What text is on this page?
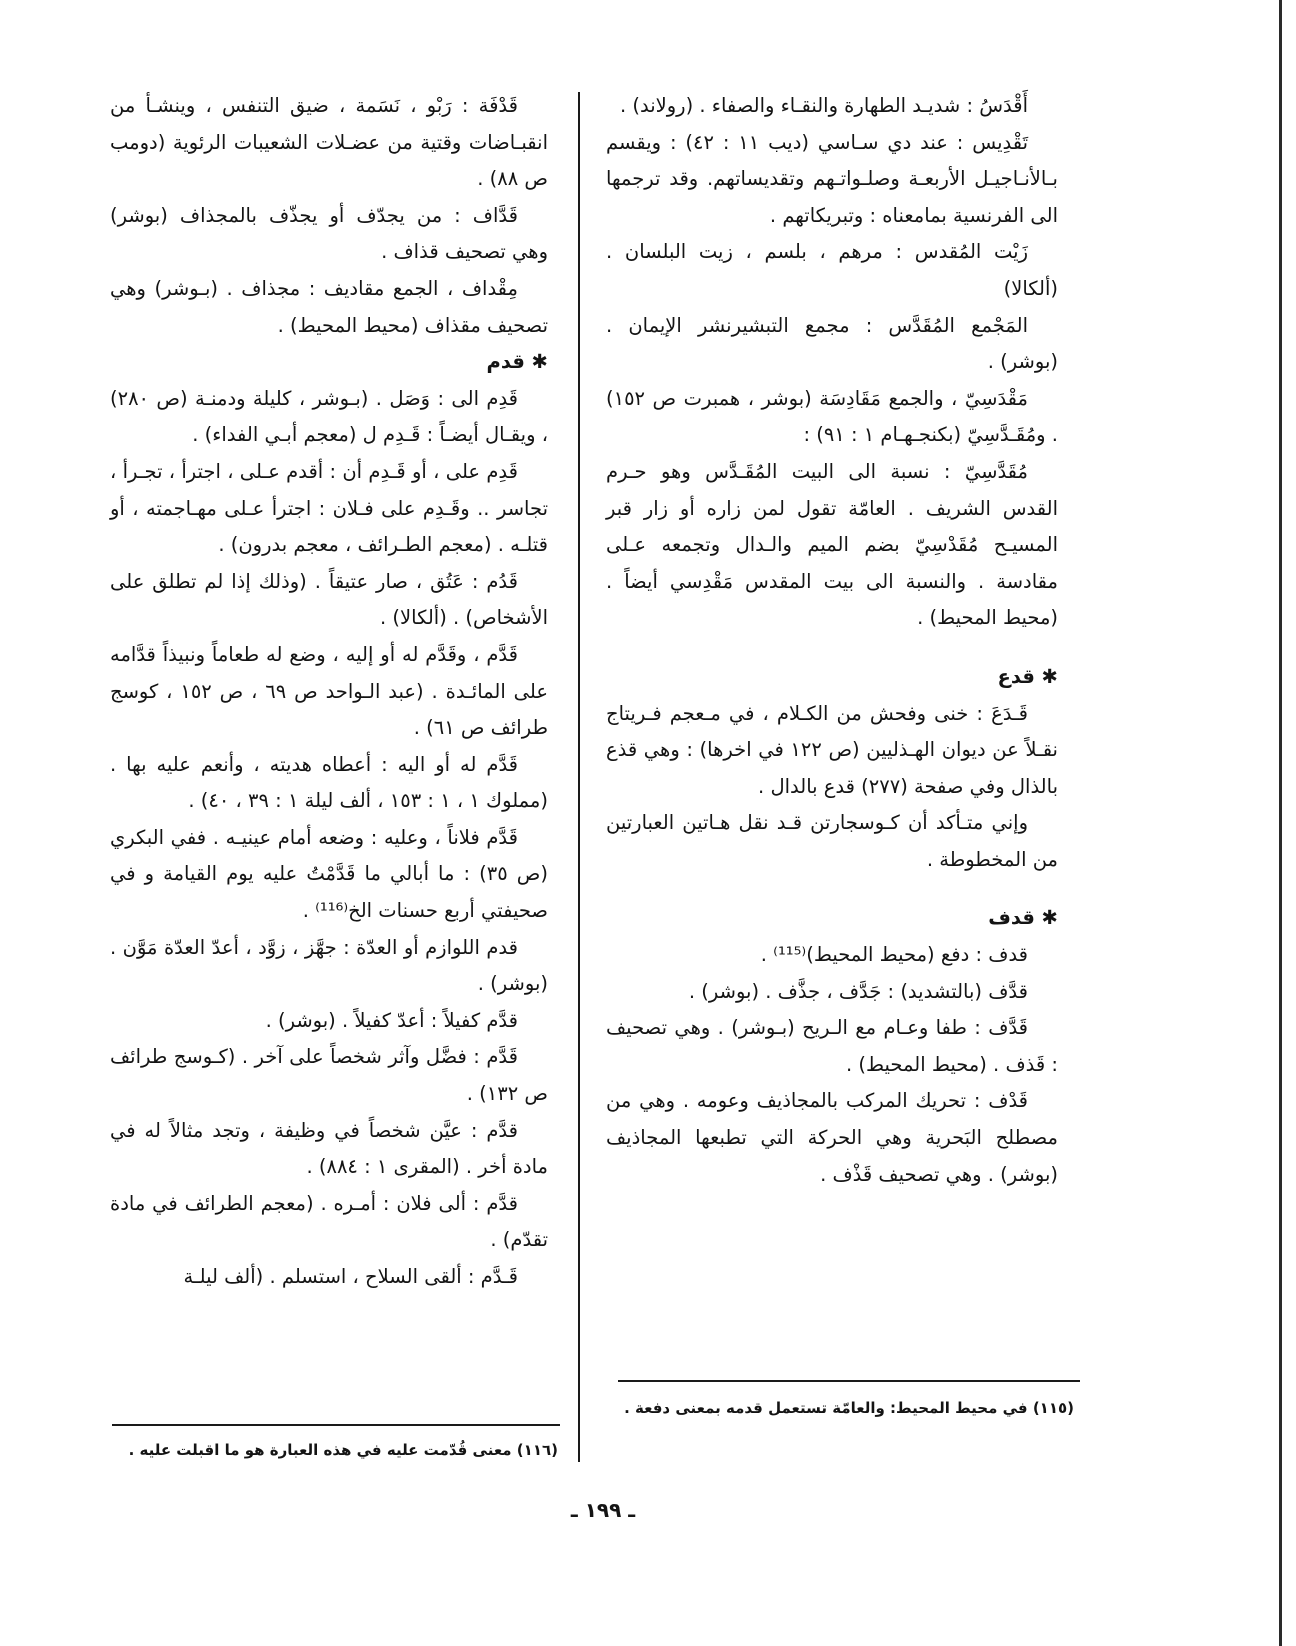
أَقْدَسُ : شديـد الطهارة والنقـاء والصفاء . (رولاند) .

تَقْدِيس : عند دي سـاسي (ديب ١١ : ٤٢) : ويقسم بـالأنـاجيـل الأربعـة وصلـواتـهم وتقديساتهم. وقد ترجمها الى الفرنسية بمامعناه : وتبريكاتهم .

زَيْت المُقدس : مرهم ، بلسم ، زيت البلسان . (ألكالا)

المَجْمع المُقَدَّس : مجمع التبشيرنشر الإيمان . (بوشر) .

مَقْدَسِيّ ، والجمع مَقَادِسَة (بوشر ، همبرت ص ١٥٢) . ومُقَـدَّسِيّ (بكنجـهـام ١ : ٩١) :

مُقَدَّسِيّ : نسبة الى البيت المُقَـدَّس وهو حـرم القدس الشريف . العامّة تقول لمن زاره أو زار قبر المسيـح مُقَدْسِيّ بضم الميم والـدال وتجمعه عـلى مقادسة . والنسبة الى بيت المقدس مَقْدِسي أيضاً . (محيط المحيط) .

✱ قدع

قَـدَعَ : خنى وفحش من الكـلام ، في مـعجم فـريتاج نقـلاً عن ديوان الهـذليين (ص ١٢٢ في اخرها) : وهي قذع بالذال وفي صفحة (٢٧٧) قدع بالدال .

وإني متـأكد أن كـوسجارتن قـد نقل هـاتين العبارتين من المخطوطة .

✱ قدف

قدف : دفع (محيط المحيط)⁽¹¹⁵⁾ .

قدَّف (بالتشديد) : جَدَّف ، جذَّف . (بوشر) .

قَدَّف : طفا وعـام مع الـريح (بـوشر) . وهي تصحيف : قَذف . (محيط المحيط) .

قَدْف : تحريك المركب بالمجاذيف وعومه . وهي من مصطلح البَحرية وهي الحركة التي تطبعها المجاذيف (بوشر) . وهي تصحيف قَذْف .

قَدْفَة : رَبْو ، نَسَمة ، ضيق التنفس ، وينشـأ من انقبـاضات وقتية من عضـلات الشعيبات الرئوية (دومب ص ٨٨) .

قَدَّاف : من يجدّف أو يجذّف بالمجذاف (بوشر) وهي تصحيف قذاف .

مِقْداف ، الجمع مقاديف : مجذاف . (بـوشر) وهي تصحيف مقذاف (محيط المحيط) .

✱ قدم

قَدِم الى : وَصَل . (بـوشر ، كليلة ودمنـة (ص ٢٨٠) ، ويقـال أيضـاً : قَـدِم ل (معجم أبـي الفداء) .

قَدِم على ، أو قَـدِم أن : أقدم عـلى ، اجترأ ، تجـرأ ، تجاسر .. وقَـدِم على فـلان : اجترأ عـلى مهـاجمته ، أو قتلـه . (معجم الطـرائف ، معجم بدرون) .

قَدُم : عَتُق ، صار عتيقاً . (وذلك إذا لم تطلق على الأشخاص) . (ألكالا) .

قَدَّم ، وقَدَّم له أو إليه ، وضع له طعاماً ونبيذاً قدَّامه على المائـدة . (عبد الـواحد ص ٦٩ ، ص ١٥٢ ، كوسج طرائف ص ٦١) .

قَدَّم له أو اليه : أعطاه هديته ، وأنعم عليه بها . (مملوك ١ ، ١ : ١٥٣ ، ألف ليلة ١ : ٣٩ ، ٤٠) .

قَدَّم فلاناً ، وعليه : وضعه أمام عينيـه . ففي البكري (ص ٣٥) : ما أبالي ما قَدَّمْتُ عليه يوم القيامة و في صحيفتي أربع حسنات الخ⁽¹¹⁶⁾ .

قدم اللوازم أو العدّة : جهَّز ، زوَّد ، أعدّ العدّة مَوَّن . (بوشر) .

قدَّم كفيلاً : أعدّ كفيلاً . (بوشر) .

قَدَّم : فضَّل وآثر شخصاً على آخر . (كـوسج طرائف ص ١٣٢) .

قدَّم : عيَّن شخصاً في وظيفة ، وتجد مثالاً له في مادة أخر . (المقرى ١ : ٨٨٤) .

قدَّم : ألى فلان : أمـره . (معجم الطرائف في مادة تقدّم) .

قَـدَّم : ألقى السلاح ، استسلم . (ألف ليلـة

(١١٥) في محيط المحيط: والعامّة تستعمل قدمه بمعنى دفعة .
(١١٦) معنى قُدّمت عليه في هذه العبارة هو ما اقبلت عليه .
ـ ١٩٩ ـ
